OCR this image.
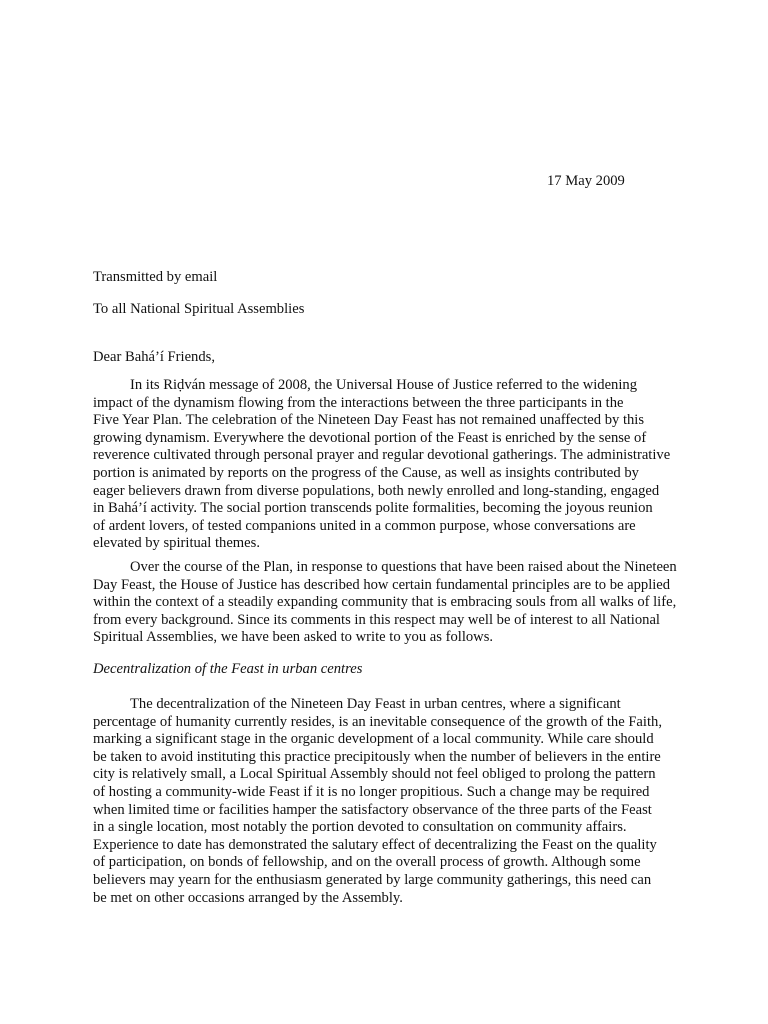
17 May 2009
Transmitted by email
To all National Spiritual Assemblies
Dear Bahá’í Friends,
In its Riḍván message of 2008, the Universal House of Justice referred to the widening
impact of the dynamism flowing from the interactions between the three participants in the
Five Year Plan. The celebration of the Nineteen Day Feast has not remained unaffected by this
growing dynamism. Everywhere the devotional portion of the Feast is enriched by the sense of
reverence cultivated through personal prayer and regular devotional gatherings. The administrative
portion is animated by reports on the progress of the Cause, as well as insights contributed by
eager believers drawn from diverse populations, both newly enrolled and long-standing, engaged
in Bahá’í activity. The social portion transcends polite formalities, becoming the joyous reunion
of ardent lovers, of tested companions united in a common purpose, whose conversations are
elevated by spiritual themes.
Over the course of the Plan, in response to questions that have been raised about the Nineteen
Day Feast, the House of Justice has described how certain fundamental principles are to be applied
within the context of a steadily expanding community that is embracing souls from all walks of life,
from every background. Since its comments in this respect may well be of interest to all National
Spiritual Assemblies, we have been asked to write to you as follows.
Decentralization of the Feast in urban centres
The decentralization of the Nineteen Day Feast in urban centres, where a significant
percentage of humanity currently resides, is an inevitable consequence of the growth of the Faith,
marking a significant stage in the organic development of a local community. While care should
be taken to avoid instituting this practice precipitously when the number of believers in the entire
city is relatively small, a Local Spiritual Assembly should not feel obliged to prolong the pattern
of hosting a community-wide Feast if it is no longer propitious. Such a change may be required
when limited time or facilities hamper the satisfactory observance of the three parts of the Feast
in a single location, most notably the portion devoted to consultation on community affairs.
Experience to date has demonstrated the salutary effect of decentralizing the Feast on the quality
of participation, on bonds of fellowship, and on the overall process of growth. Although some
believers may yearn for the enthusiasm generated by large community gatherings, this need can
be met on other occasions arranged by the Assembly.
